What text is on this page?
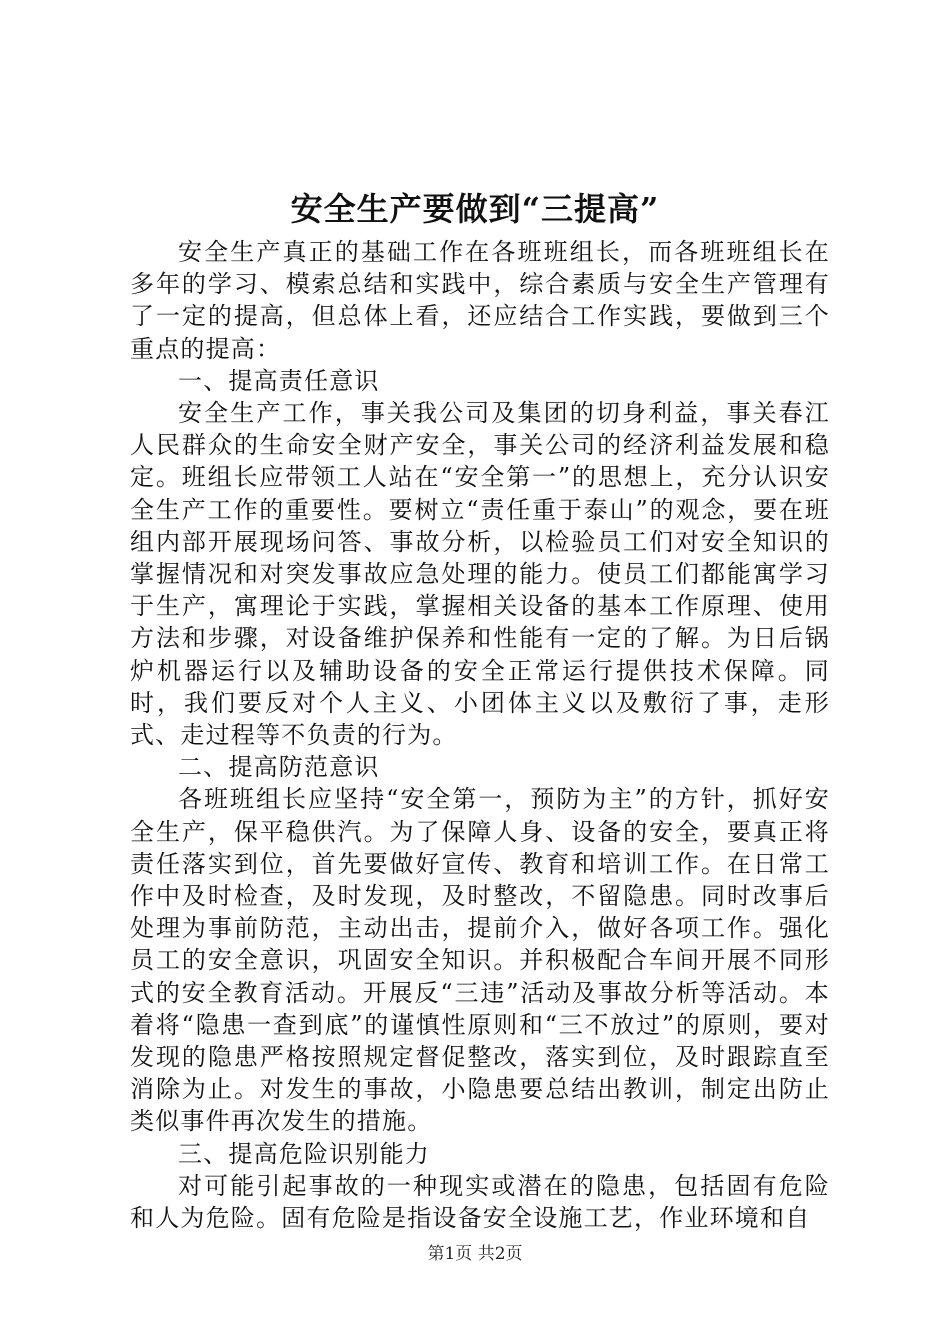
安全生产要做到“三提高”

安全生产真正的基础工作在各班班组长，而各班班组长在多年的学习、模索总结和实践中，综合素质与安全生产管理有了一定的提高，但总体上看，还应结合工作实践，要做到三个重点的提高：

一、提高责任意识

安全生产工作，事关我公司及集团的切身利益，事关春江人民群众的生命安全财产安全，事关公司的经济利益发展和稳定。班组长应带领工人站在“安全第一”的思想上，充分认识安全生产工作的重要性。要树立“责任重于泰山”的观念，要在班组内部开展现场问答、事故分析，以检验员工们对安全知识的掌握情况和对突发事故应急处理的能力。使员工们都能寓学习于生产，寓理论于实践，掌握相关设备的基本工作原理、使用方法和步骤，对设备维护保养和性能有一定的了解。为日后锅炉机器运行以及辅助设备的安全正常运行提供技术保障。同时，我们要反对个人主义、小团体主义以及敷衍了事，走形式、走过程等不负责的行为。

二、提高防范意识

各班班组长应坚持“安全第一，预防为主”的方针，抓好安全生产，保平稳供汽。为了保障人身、设备的安全，要真正将责任落实到位，首先要做好宣传、教育和培训工作。在日常工作中及时检查，及时发现，及时整改，不留隐患。同时改事后处理为事前防范，主动出击，提前介入，做好各项工作。强化员工的安全意识，巩固安全知识。并积极配合车间开展不同形式的安全教育活动。开展反“三违”活动及事故分析等活动。本着将“隐患一查到底”的谨慎性原则和“三不放过”的原则，要对发现的隐患严格按照规定督促整改，落实到位，及时跟踪直至消除为止。对发生的事故，小隐患要总结出教训，制定出防止类似事件再次发生的措施。

三、提高危险识别能力

对可能引起事故的一种现实或潜在的隐患，包括固有危险和人为危险。固有危险是指设备安全设施工艺，作业环境和自

第1页 共2页
